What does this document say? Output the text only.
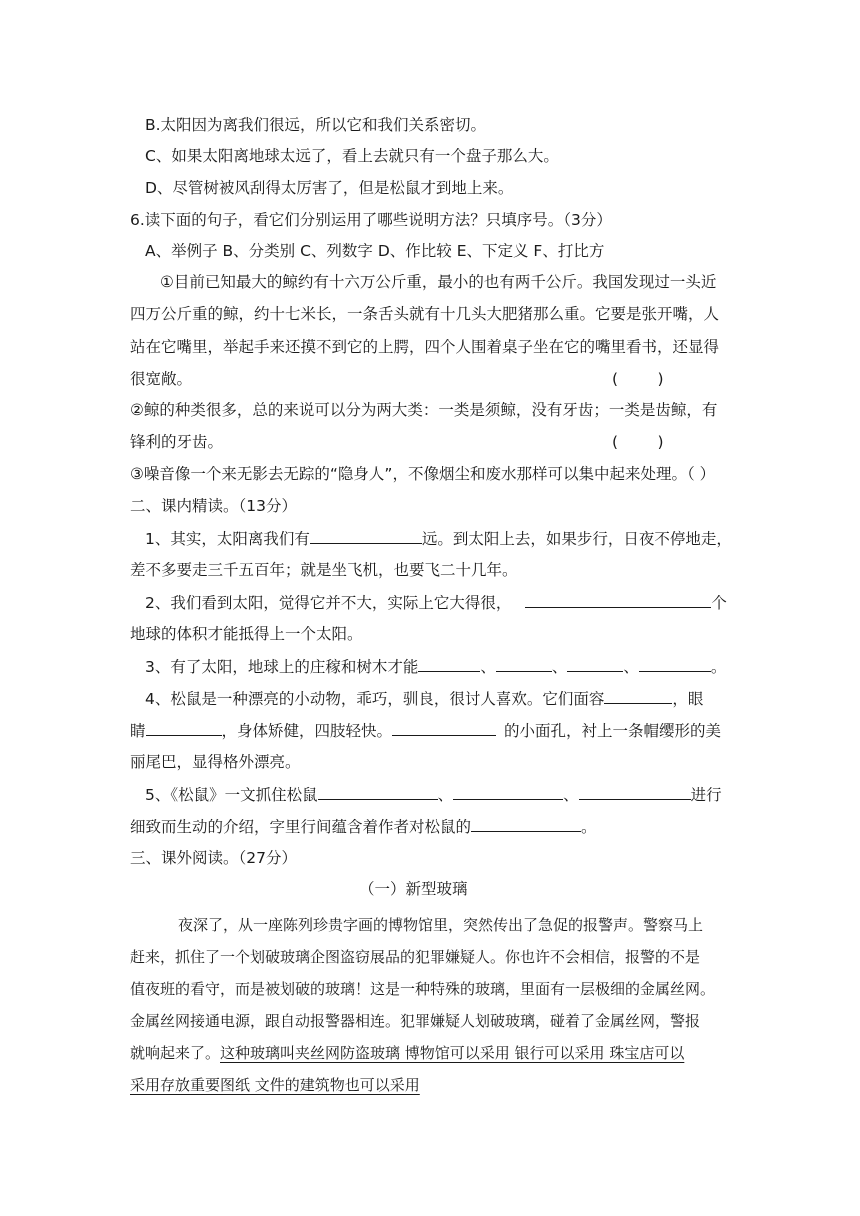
B.太阳因为离我们很远，所以它和我们关系密切。
C、如果太阳离地球太远了，看上去就只有一个盘子那么大。
D、尽管树被风刮得太厉害了，但是松鼠才到地上来。
6.读下面的句子，看它们分别运用了哪些说明方法？只填序号。（3分）
A、举例子 B、分类别 C、列数字 D、作比较 E、下定义 F、打比方
①目前已知最大的鲸约有十六万公斤重，最小的也有两千公斤。我国发现过一头近
四万公斤重的鲸，约十七米长，一条舌头就有十几头大肥猪那么重。它要是张开嘴，人
站在它嘴里，举起手来还摸不到它的上腭，四个人围着桌子坐在它的嘴里看书，还显得
很宽敞。	(        )
②鲸的种类很多，总的来说可以分为两大类：一类是须鲸，没有牙齿；一类是齿鲸，有
锋利的牙齿。	(        )
③噪音像一个来无影去无踪的“隐身人”，不像烟尘和废水那样可以集中起来处理。（ ）
二、课内精读。（13分）
1、其实，太阳离我们有	远。到太阳上去，如果步行，日夜不停地走，
差不多要走三千五百年；就是坐飞机，也要飞二十几年。
2、我们看到太阳，觉得它并不大，实际上它大得很，	个
地球的体积才能抵得上一个太阳。
3、有了太阳，地球上的庄稼和树木才能	、	、	、	。
4、松鼠是一种漂亮的小动物，乖巧，驯良，很讨人喜欢。它们面容	，眼
睛	，身体矫健，四肢轻快。	的小面孔，衬上一条帽缨形的美
丽尾巴，显得格外漂亮。
5、《松鼠》一文抓住松鼠	、	、	进行
细致而生动的介绍，字里行间蕴含着作者对松鼠的	。
三、课外阅读。（27分）
（一）新型玻璃
夜深了，从一座陈列珍贵字画的博物馆里，突然传出了急促的报警声。警察马上
赶来，抓住了一个划破玻璃企图盗窃展品的犯罪嫌疑人。你也许不会相信，报警的不是
值夜班的看守，而是被划破的玻璃！这是一种特殊的玻璃，里面有一层极细的金属丝网。
金属丝网接通电源，跟自动报警器相连。犯罪嫌疑人划破玻璃，碰着了金属丝网，警报
就响起来了。这种玻璃叫夹丝网防盗玻璃 博物馆可以采用 银行可以采用 珠宝店可以
采用存放重要图纸 文件的建筑物也可以采用
